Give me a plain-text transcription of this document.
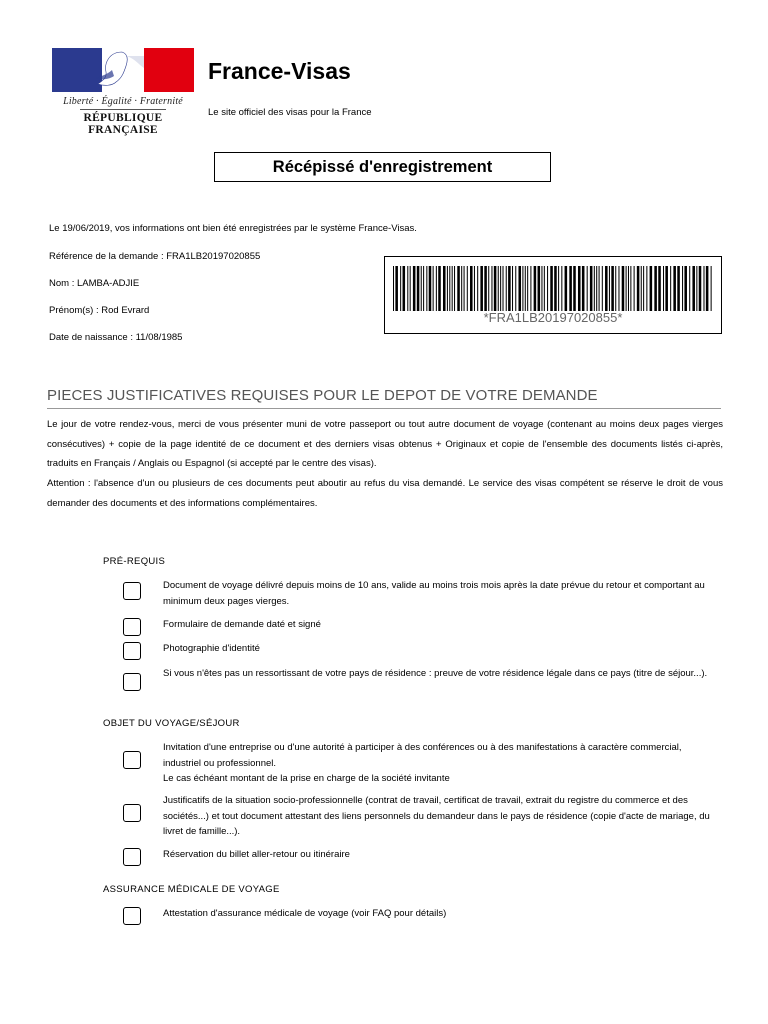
Liberté · Égalité · Fraternité
RÉPUBLIQUE FRANÇAISE
France-Visas
Le site officiel des visas pour la France
Récépissé d'enregistrement
Le 19/06/2019, vos informations ont bien été enregistrées par le système France-Visas.
Référence de la demande : FRA1LB20197020855
Nom : LAMBA-ADJIE
Prénom(s) : Rod Evrard
Date de naissance : 11/08/1985
*FRA1LB20197020855*
PIECES JUSTIFICATIVES REQUISES POUR LE DEPOT DE VOTRE DEMANDE
Le jour de votre rendez-vous, merci de vous présenter muni de votre passeport ou tout autre document de voyage (contenant au moins deux pages vierges consécutives) + copie de la page identité de ce document et des derniers visas obtenus + Originaux et copie de l'ensemble des documents listés ci-après, traduits en Français / Anglais ou Espagnol (si accepté par le centre des visas).
Attention : l'absence d'un ou plusieurs de ces documents peut aboutir au refus du visa demandé. Le service des visas compétent se réserve le droit de vous demander des documents et des informations complémentaires.
PRÉ-REQUIS
Document de voyage délivré depuis moins de 10 ans, valide au moins trois mois après la date prévue du retour et comportant au minimum deux pages vierges.
Formulaire de demande daté et signé
Photographie d'identité
Si vous n'êtes pas un ressortissant de votre pays de résidence : preuve de votre résidence légale dans ce pays (titre de séjour...).
OBJET DU VOYAGE/SÉJOUR
Invitation d'une entreprise ou d'une autorité à participer à des conférences ou à des manifestations à caractère commercial, industriel ou professionnel.
Le cas échéant montant de la prise en charge de la société invitante
Justificatifs de la situation socio-professionnelle (contrat de travail, certificat de travail, extrait du registre du commerce et des sociétés...) et tout document attestant des liens personnels du demandeur dans le pays de résidence (copie d'acte de mariage, du livret de famille...).
Réservation du billet aller-retour ou itinéraire
ASSURANCE MÉDICALE DE VOYAGE
Attestation d'assurance médicale de voyage (voir FAQ pour détails)
